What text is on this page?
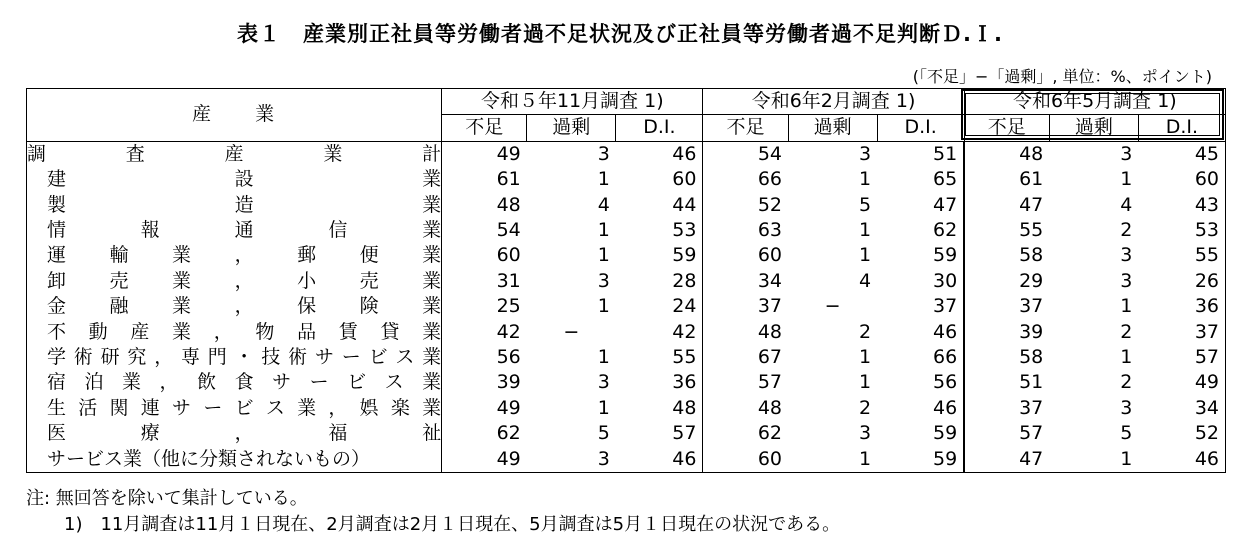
表１　産業別正社員等労働者過不足状況及び正社員等労働者過不足判断Ｄ.Ｉ.
(「不足」−「過剰」, 単位：%、ポイント)
産　　業	令和５年11月調査 1)			令和6年2月調査 1)			令和6年5月調査 1)		
	不足	過剰	D.I.	不足	過剰	D.I.	不足	過剰	D.I.
調査産業計	49	3	46	54	3	51	48	3	45
建設業	61	1	60	66	1	65	61	1	60
製造業	48	4	44	52	5	47	47	4	43
情報通信業	54	1	53	63	1	62	55	2	53
運輸業，郵便業	60	1	59	60	1	59	58	3	55
卸売業，小売業	31	3	28	34	4	30	29	3	26
金融業，保険業	25	1	24	37	−	37	37	1	36
不動産業，物品賃貸業	42	−	42	48	2	46	39	2	37
学術研究，専門・技術サービス業	56	1	55	67	1	66	58	1	57
宿泊業，飲食サービス業	39	3	36	57	1	56	51	2	49
生活関連サービス業，娯楽業	49	1	48	48	2	46	37	3	34
医療，福祉	62	5	57	62	3	59	57	5	52
サービス業（他に分類されないもの）	49	3	46	60	1	59	47	1	46
注: 無回答を除いて集計している。
1)　11月調査は11月１日現在、2月調査は2月１日現在、5月調査は5月１日現在の状況である。
